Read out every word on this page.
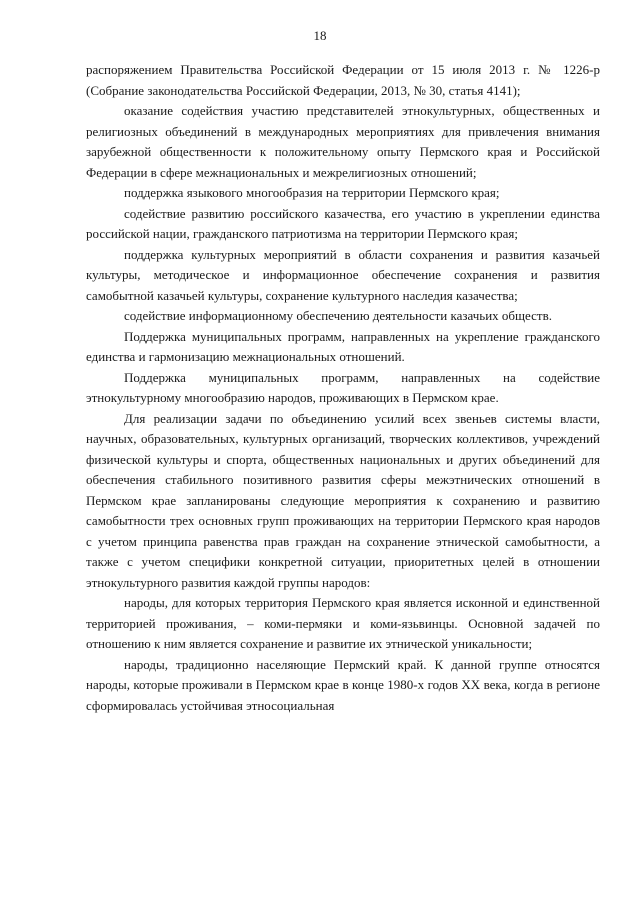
18

распоряжением Правительства Российской Федерации от 15 июля 2013 г. № 1226-р (Собрание законодательства Российской Федерации, 2013, № 30, статья 4141);

оказание содействия участию представителей этнокультурных, общественных и религиозных объединений в международных мероприятиях для привлечения внимания зарубежной общественности к положительному опыту Пермского края и Российской Федерации в сфере межнациональных и межрелигиозных отношений;

поддержка языкового многообразия на территории Пермского края;

содействие развитию российского казачества, его участию в укреплении единства российской нации, гражданского патриотизма на территории Пермского края;

поддержка культурных мероприятий в области сохранения и развития казачьей культуры, методическое и информационное обеспечение сохранения и развития самобытной казачьей культуры, сохранение культурного наследия казачества;

содействие информационному обеспечению деятельности казачьих обществ.

Поддержка муниципальных программ, направленных на укрепление гражданского единства и гармонизацию межнациональных отношений.

Поддержка муниципальных программ, направленных на содействие этнокультурному многообразию народов, проживающих в Пермском крае.

Для реализации задачи по объединению усилий всех звеньев системы власти, научных, образовательных, культурных организаций, творческих коллективов, учреждений физической культуры и спорта, общественных национальных и других объединений для обеспечения стабильного позитивного развития сферы межэтнических отношений в Пермском крае запланированы следующие мероприятия к сохранению и развитию самобытности трех основных групп проживающих на территории Пермского края народов с учетом принципа равенства прав граждан на сохранение этнической самобытности, а также с учетом специфики конкретной ситуации, приоритетных целей в отношении этнокультурного развития каждой группы народов:

народы, для которых территория Пермского края является исконной и единственной территорией проживания, – коми-пермяки и коми-язьвинцы. Основной задачей по отношению к ним является сохранение и развитие их этнической уникальности;

народы, традиционно населяющие Пермский край. К данной группе относятся народы, которые проживали в Пермском крае в конце 1980-х годов XX века, когда в регионе сформировалась устойчивая этносоциальная
